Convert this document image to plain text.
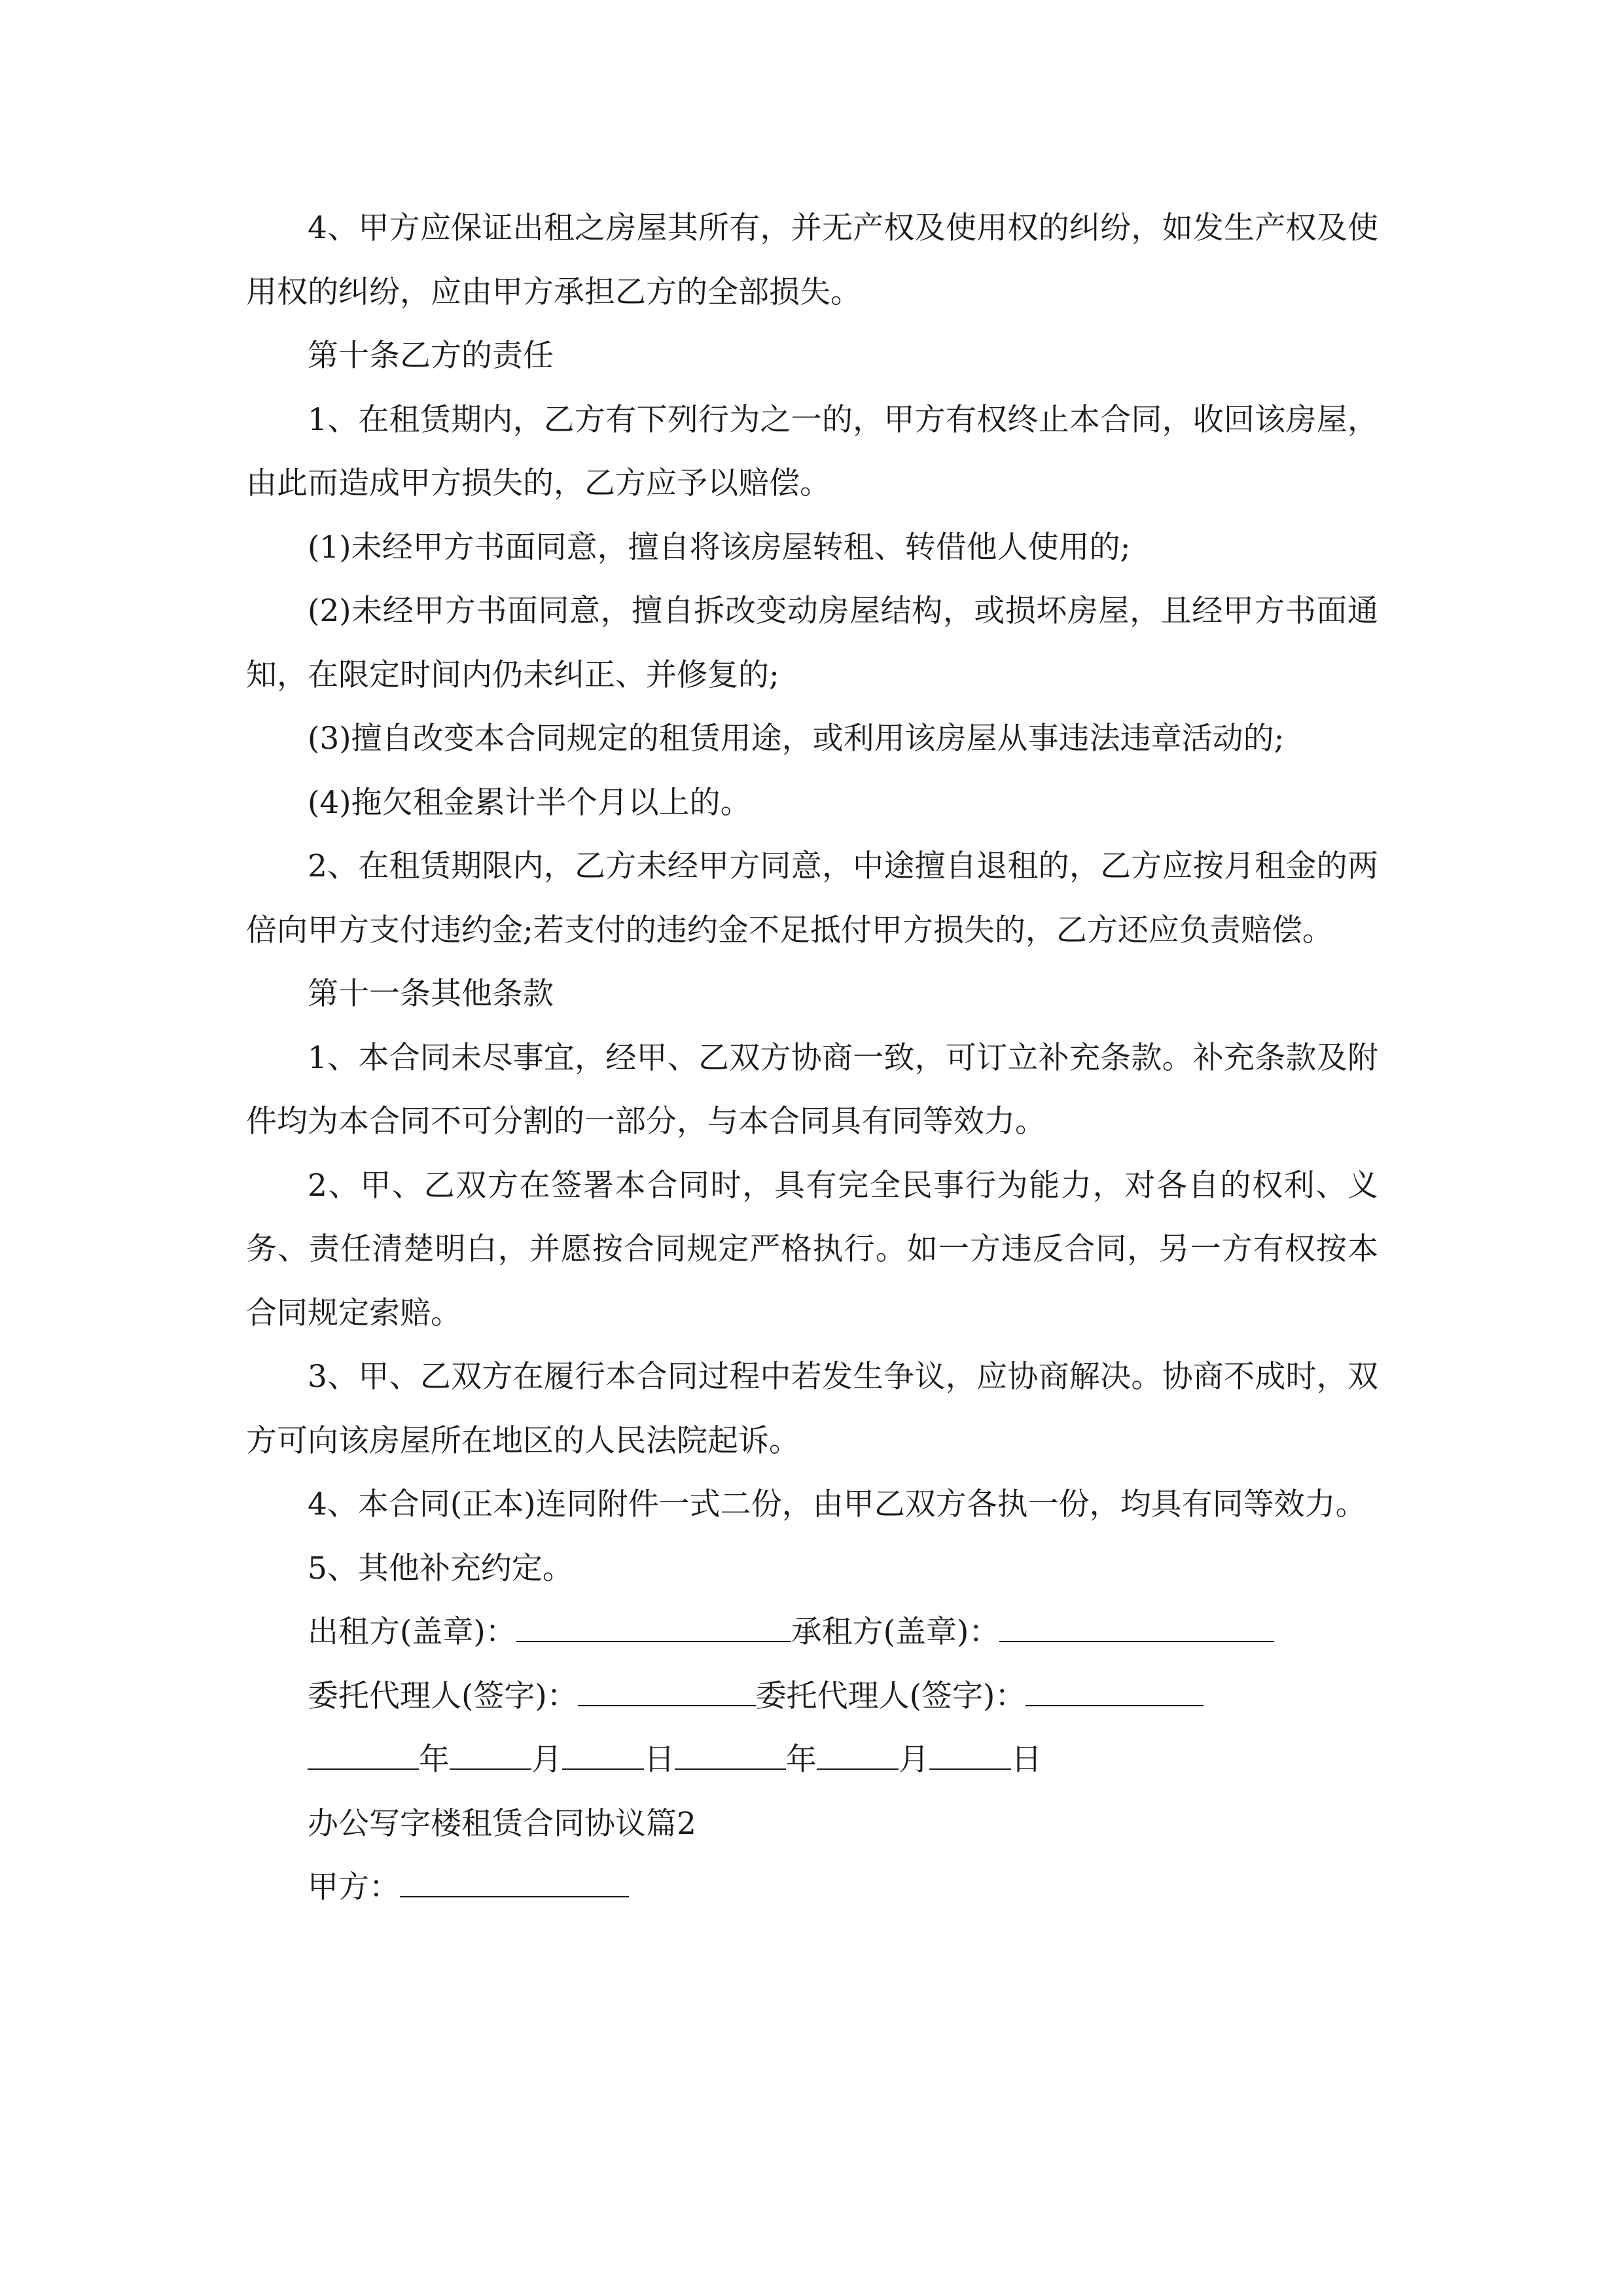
4、甲方应保证出租之房屋其所有，并无产权及使用权的纠纷，如发生产权及使用权的纠纷，应由甲方承担乙方的全部损失。

第十条乙方的责任

1、在租赁期内，乙方有下列行为之一的，甲方有权终止本合同，收回该房屋，由此而造成甲方损失的，乙方应予以赔偿。

(1)未经甲方书面同意，擅自将该房屋转租、转借他人使用的;

(2)未经甲方书面同意，擅自拆改变动房屋结构，或损坏房屋，且经甲方书面通知，在限定时间内仍未纠正、并修复的;

(3)擅自改变本合同规定的租赁用途，或利用该房屋从事违法违章活动的;

(4)拖欠租金累计半个月以上的。

2、在租赁期限内，乙方未经甲方同意，中途擅自退租的，乙方应按月租金的两倍向甲方支付违约金;若支付的违约金不足抵付甲方损失的，乙方还应负责赔偿。

第十一条其他条款

1、本合同未尽事宜，经甲、乙双方协商一致，可订立补充条款。补充条款及附件均为本合同不可分割的一部分，与本合同具有同等效力。

2、甲、乙双方在签署本合同时，具有完全民事行为能力，对各自的权利、义务、责任清楚明白，并愿按合同规定严格执行。如一方违反合同，另一方有权按本合同规定索赔。

3、甲、乙双方在履行本合同过程中若发生争议，应协商解决。协商不成时，双方可向该房屋所在地区的人民法院起诉。

4、本合同(正本)连同附件一式二份，由甲乙双方各执一份，均具有同等效力。

5、其他补充约定。

出租方(盖章)：	承租方(盖章)：
委托代理人(签字)：	委托代理人(签字)：
年	月	日	年	月	日
办公写字楼租赁合同协议篇2
甲方：
